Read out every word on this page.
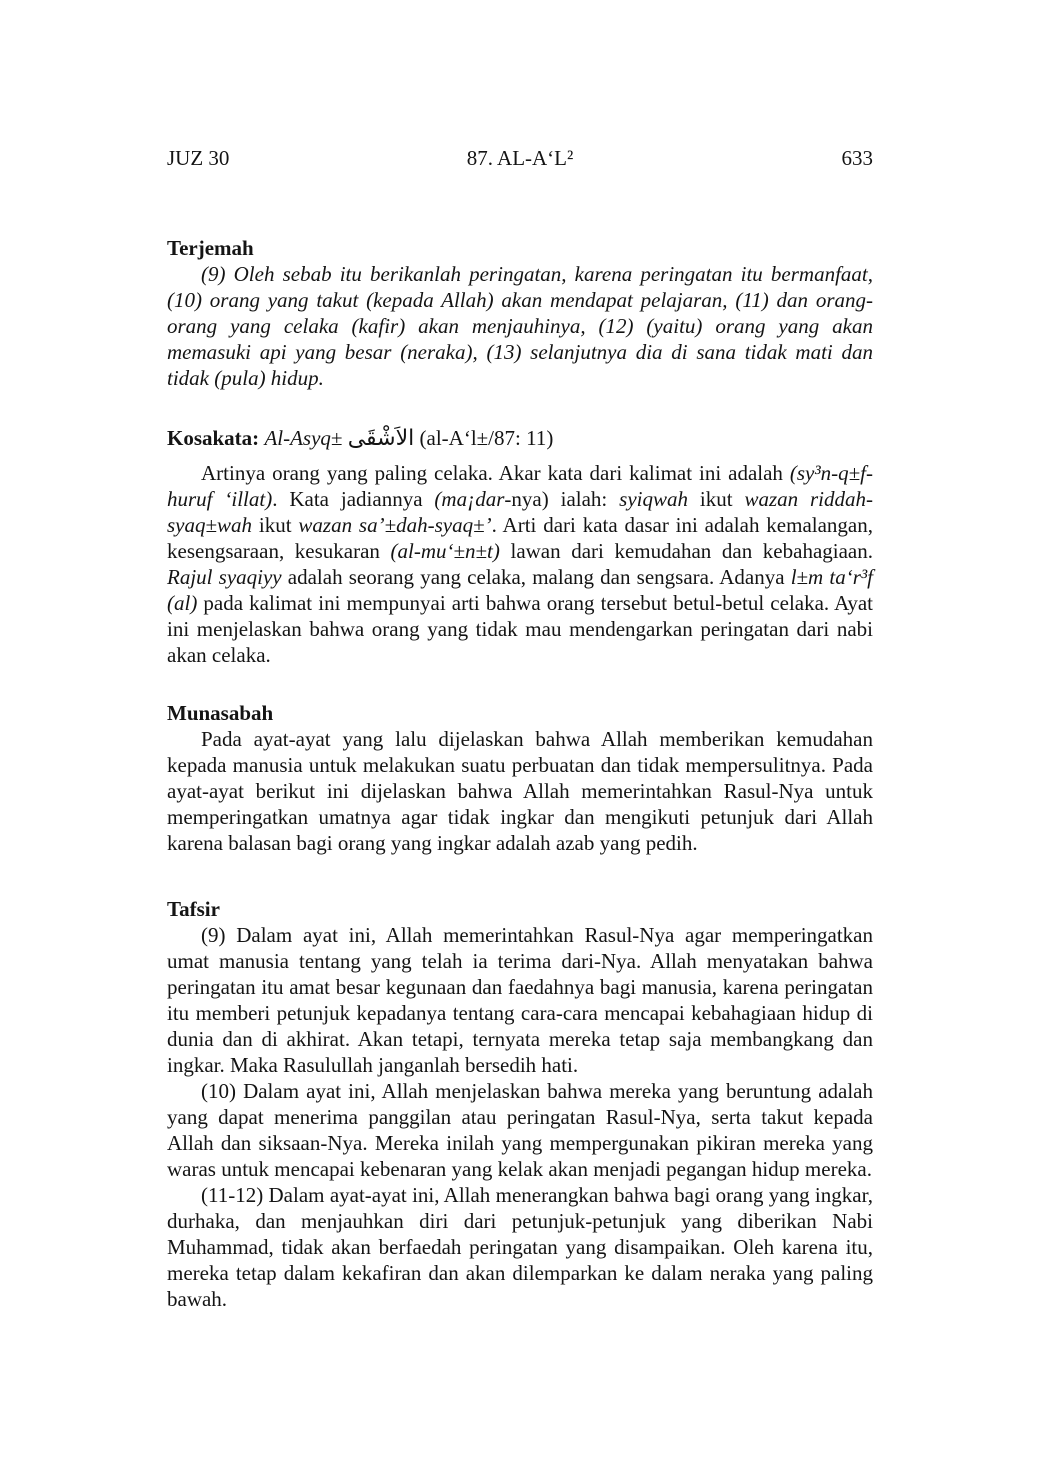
JUZ 30	87. AL-A‘L²	633
Terjemah

(9) Oleh sebab itu berikanlah peringatan, karena peringatan itu bermanfaat, (10) orang yang takut (kepada Allah) akan mendapat pelajaran, (11) dan orang-orang yang celaka (kafir) akan menjauhinya, (12) (yaitu) orang yang akan memasuki api yang besar (neraka), (13) selanjutnya dia di sana tidak mati dan tidak (pula) hidup.

Kosakata: Al-Asyq± الاَشْقَى (al-A‘l±/87: 11)

Artinya orang yang paling celaka. Akar kata dari kalimat ini adalah (sy³n-q±f-huruf ‘illat). Kata jadiannya (ma¡dar-nya) ialah: syiqwah ikut wazan riddah-syaq±wah ikut wazan sa’±dah-syaq±’. Arti dari kata dasar ini adalah kemalangan, kesengsaraan, kesukaran (al-mu‘±n±t) lawan dari kemudahan dan kebahagiaan. Rajul syaqiyy adalah seorang yang celaka, malang dan sengsara. Adanya l±m ta‘r³f (al) pada kalimat ini mempunyai arti bahwa orang tersebut betul-betul celaka. Ayat ini menjelaskan bahwa orang yang tidak mau mendengarkan peringatan dari nabi akan celaka.

Munasabah

Pada ayat-ayat yang lalu dijelaskan bahwa Allah memberikan kemudahan kepada manusia untuk melakukan suatu perbuatan dan tidak mempersulitnya. Pada ayat-ayat berikut ini dijelaskan bahwa Allah memerintahkan Rasul-Nya untuk memperingatkan umatnya agar tidak ingkar dan mengikuti petunjuk dari Allah karena balasan bagi orang yang ingkar adalah azab yang pedih.

Tafsir

(9) Dalam ayat ini, Allah memerintahkan Rasul-Nya agar memperingatkan umat manusia tentang yang telah ia terima dari-Nya. Allah menyatakan bahwa peringatan itu amat besar kegunaan dan faedahnya bagi manusia, karena peringatan itu memberi petunjuk kepadanya tentang cara-cara mencapai kebahagiaan hidup di dunia dan di akhirat. Akan tetapi, ternyata mereka tetap saja membangkang dan ingkar. Maka Rasulullah janganlah bersedih hati.

(10) Dalam ayat ini, Allah menjelaskan bahwa mereka yang beruntung adalah yang dapat menerima panggilan atau peringatan Rasul-Nya, serta takut kepada Allah dan siksaan-Nya. Mereka inilah yang mempergunakan pikiran mereka yang waras untuk mencapai kebenaran yang kelak akan menjadi pegangan hidup mereka.

(11-12) Dalam ayat-ayat ini, Allah menerangkan bahwa bagi orang yang ingkar, durhaka, dan menjauhkan diri dari petunjuk-petunjuk yang diberikan Nabi Muhammad, tidak akan berfaedah peringatan yang disampaikan. Oleh karena itu, mereka tetap dalam kekafiran dan akan dilemparkan ke dalam neraka yang paling bawah.
